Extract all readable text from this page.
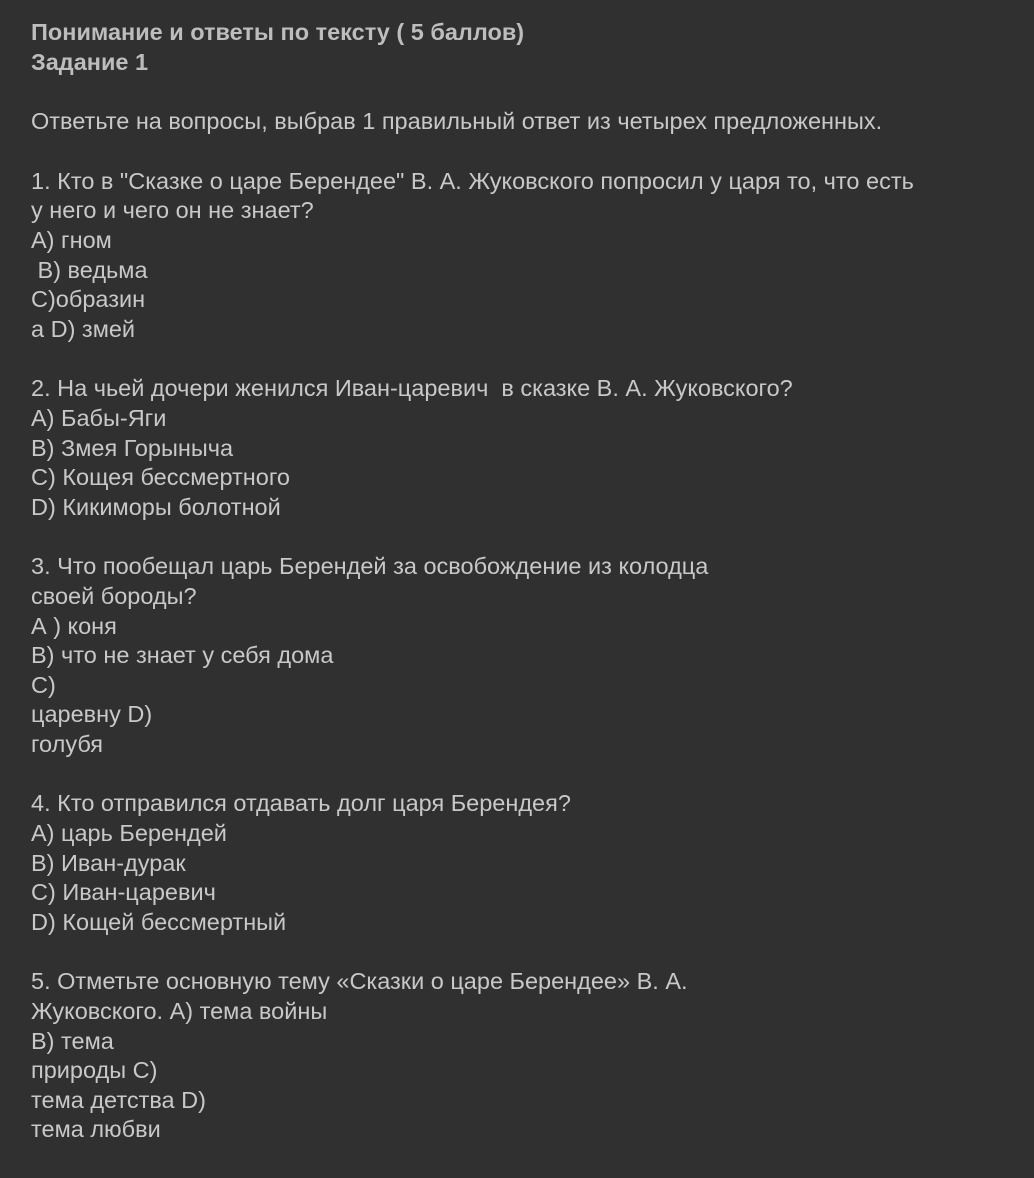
Понимание и ответы по тексту ( 5 баллов)

Задание 1

Ответьте на вопросы, выбрав 1 правильный ответ из четырех предложенных.

1. Кто в "Сказке о царе Берендее" В. А. Жуковского попросил у царя то, что есть

у него и чего он не знает?

А) гном

В) ведьма

С)образин

а D) змей

2. На чьей дочери женился Иван-царевич  в сказке В. А. Жуковского?

А) Бабы-Яги

В) Змея Горыныча

С) Кощея бессмертного

D) Кикиморы болотной

3. Что пообещал царь Берендей за освобождение из колодца

своей бороды?

А ) коня

В) что не знает у себя дома

С)

царевну D)

голубя

4. Кто отправился отдавать долг царя Берендея?

А) царь Берендей

В) Иван-дурак

С) Иван-царевич

D) Кощей бессмертный

5. Отметьте основную тему «Сказки о царе Берендее» В. А.

Жуковского. А) тема войны

В) тема

природы С)

тема детства D)

тема любви
